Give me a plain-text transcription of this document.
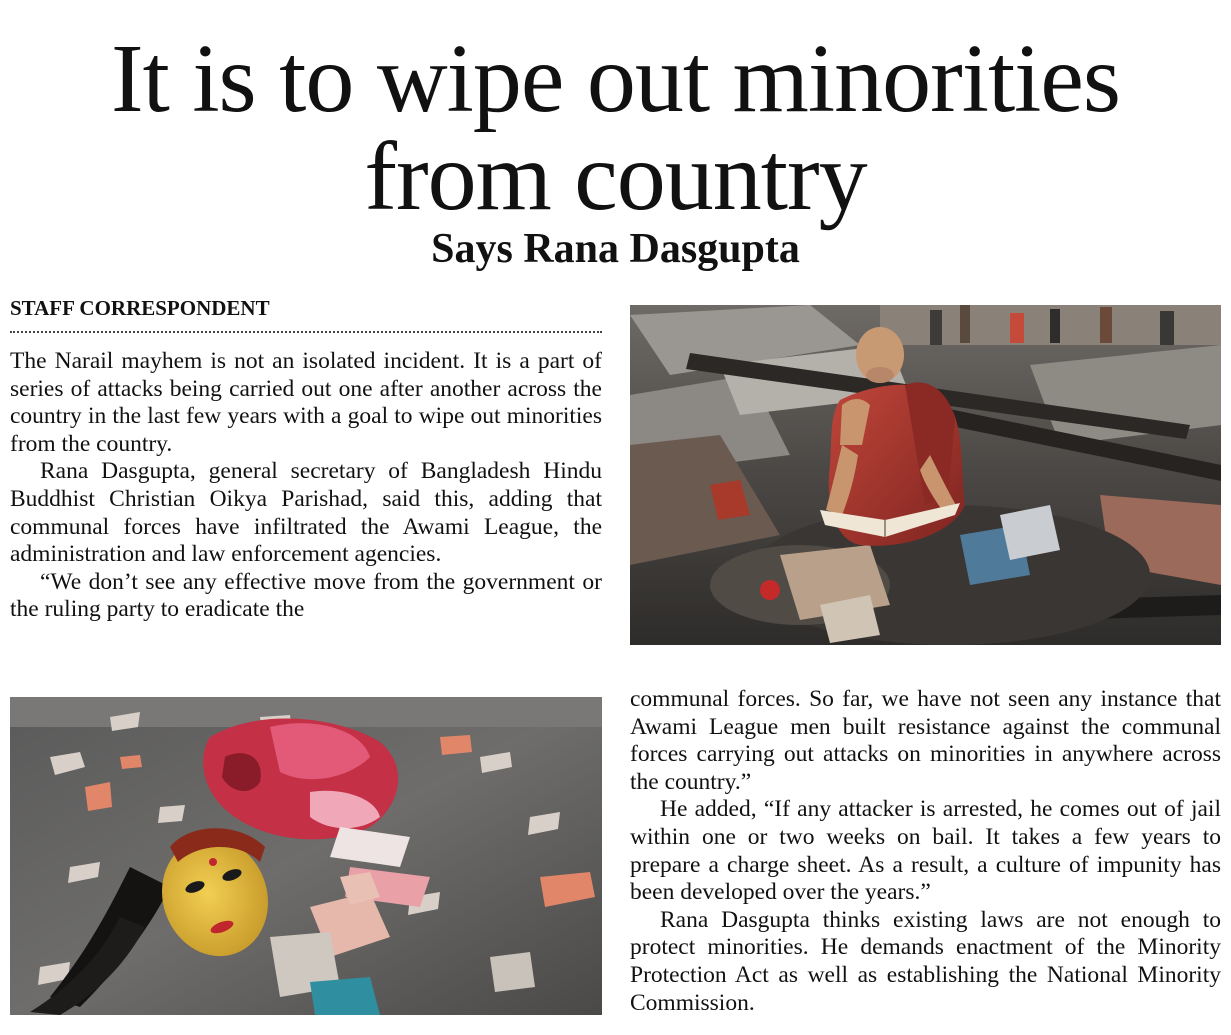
It is to wipe out minorities
from country
Says Rana Dasgupta
STAFF CORRESPONDENT

The Narail mayhem is not an isolated incident. It is a part of series of attacks being carried out one after another across the country in the last few years with a goal to wipe out minorities from the country.

Rana Dasgupta, general secretary of Bangladesh Hindu Buddhist Christian Oikya Parishad, said this, adding that communal forces have infiltrated the Awami League, the administration and law enforcement agencies.

“We don’t see any effective move from the government or the ruling party to eradicate the

communal forces. So far, we have not seen any instance that Awami League men built resistance against the communal forces carrying out attacks on minorities in anywhere across the country.”

He added, “If any attacker is arrested, he comes out of jail within one or two weeks on bail. It takes a few years to prepare a charge sheet. As a result, a culture of impunity has been developed over the years.”

Rana Dasgupta thinks existing laws are not enough to protect minorities. He demands enactment of the Minority Protection Act as well as establishing the National Minority Commission.
